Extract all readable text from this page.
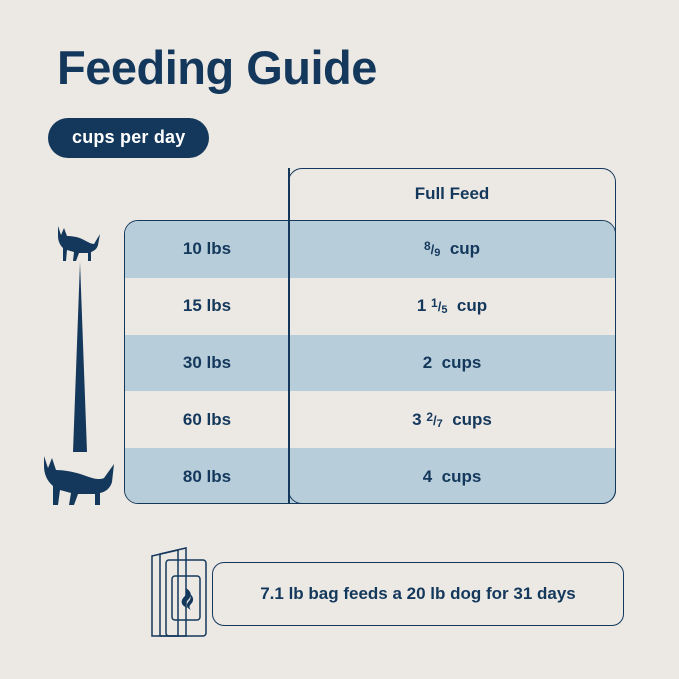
Feeding Guide
cups per day
10 lbs	8/9 cup
15 lbs	1 1/5 cup
30 lbs	2 cups
60 lbs	3 2/7 cups
80 lbs	4 cups
Full Feed
7.1 lb bag feeds a 20 lb dog for 31 days
